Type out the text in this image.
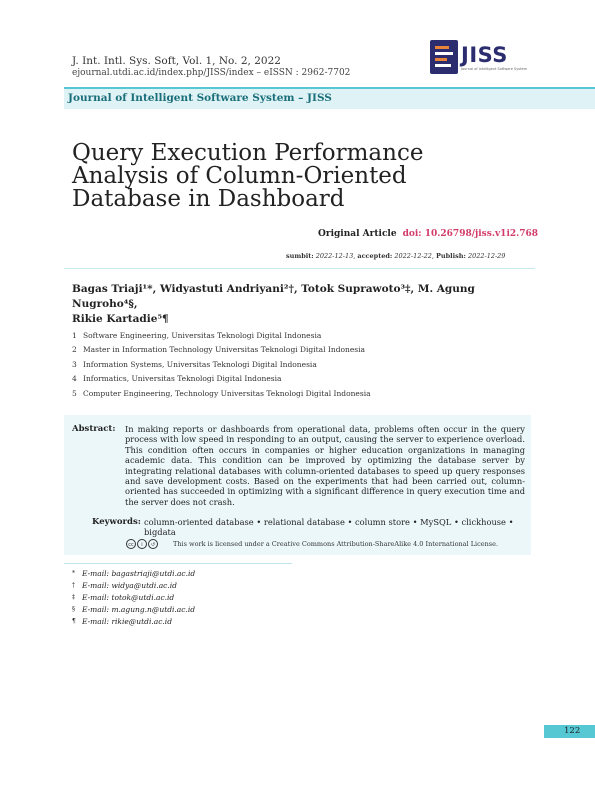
J. Int. Intl. Sys. Soft, Vol. 1, No. 2, 2022
ejournal.utdi.ac.id/index.php/JISS/index – eISSN : 2962-7702
JISS
Journal of Intelligent Software System
Journal of Intelligent Software System – JISS
Query Execution Performance
Analysis of Column-Oriented
Database in Dashboard
Original Article doi: 10.26798/jiss.v1i2.768
sumbit: 2022-12-13, accepted: 2022-12-22, Publish: 2022-12-29
Bagas Triaji¹*, Widyastuti Andriyani²†, Totok Suprawoto³‡, M. Agung Nugroho⁴§,
Rikie Kartadie⁵¶
1 Software Engineering, Universitas Teknologi Digital Indonesia
2 Master in Information Technology Universitas Teknologi Digital Indonesia
3 Information Systems, Universitas Teknologi Digital Indonesia
4 Informatics, Universitas Teknologi Digital Indonesia
5 Computer Engineering, Technology Universitas Teknologi Digital Indonesia
Abstract: In making reports or dashboards from operational data, problems often occur in the query process with low speed in responding to an output, causing the server to experience overload. This condition often occurs in companies or higher education organizations in managing academic data. This condition can be improved by optimizing the database server by integrating relational databases with column-oriented databases to speed up query responses and save development costs. Based on the experiments that had been carried out, column-oriented has succeeded in optimizing with a significant difference in query execution time and the server does not crash.
Keywords: column-oriented database • relational database • column store • MySQL • clickhouse • bigdata
cc i ↺	This work is licensed under a Creative Commons Attribution-ShareAlike 4.0 International License.
* E-mail: bagastriaji@utdi.ac.id
† E-mail: widya@utdi.ac.id
‡ E-mail: totok@utdi.ac.id
§ E-mail: m.agung.n@utdi.ac.id
¶ E-mail: rikie@utdi.ac.id
122
